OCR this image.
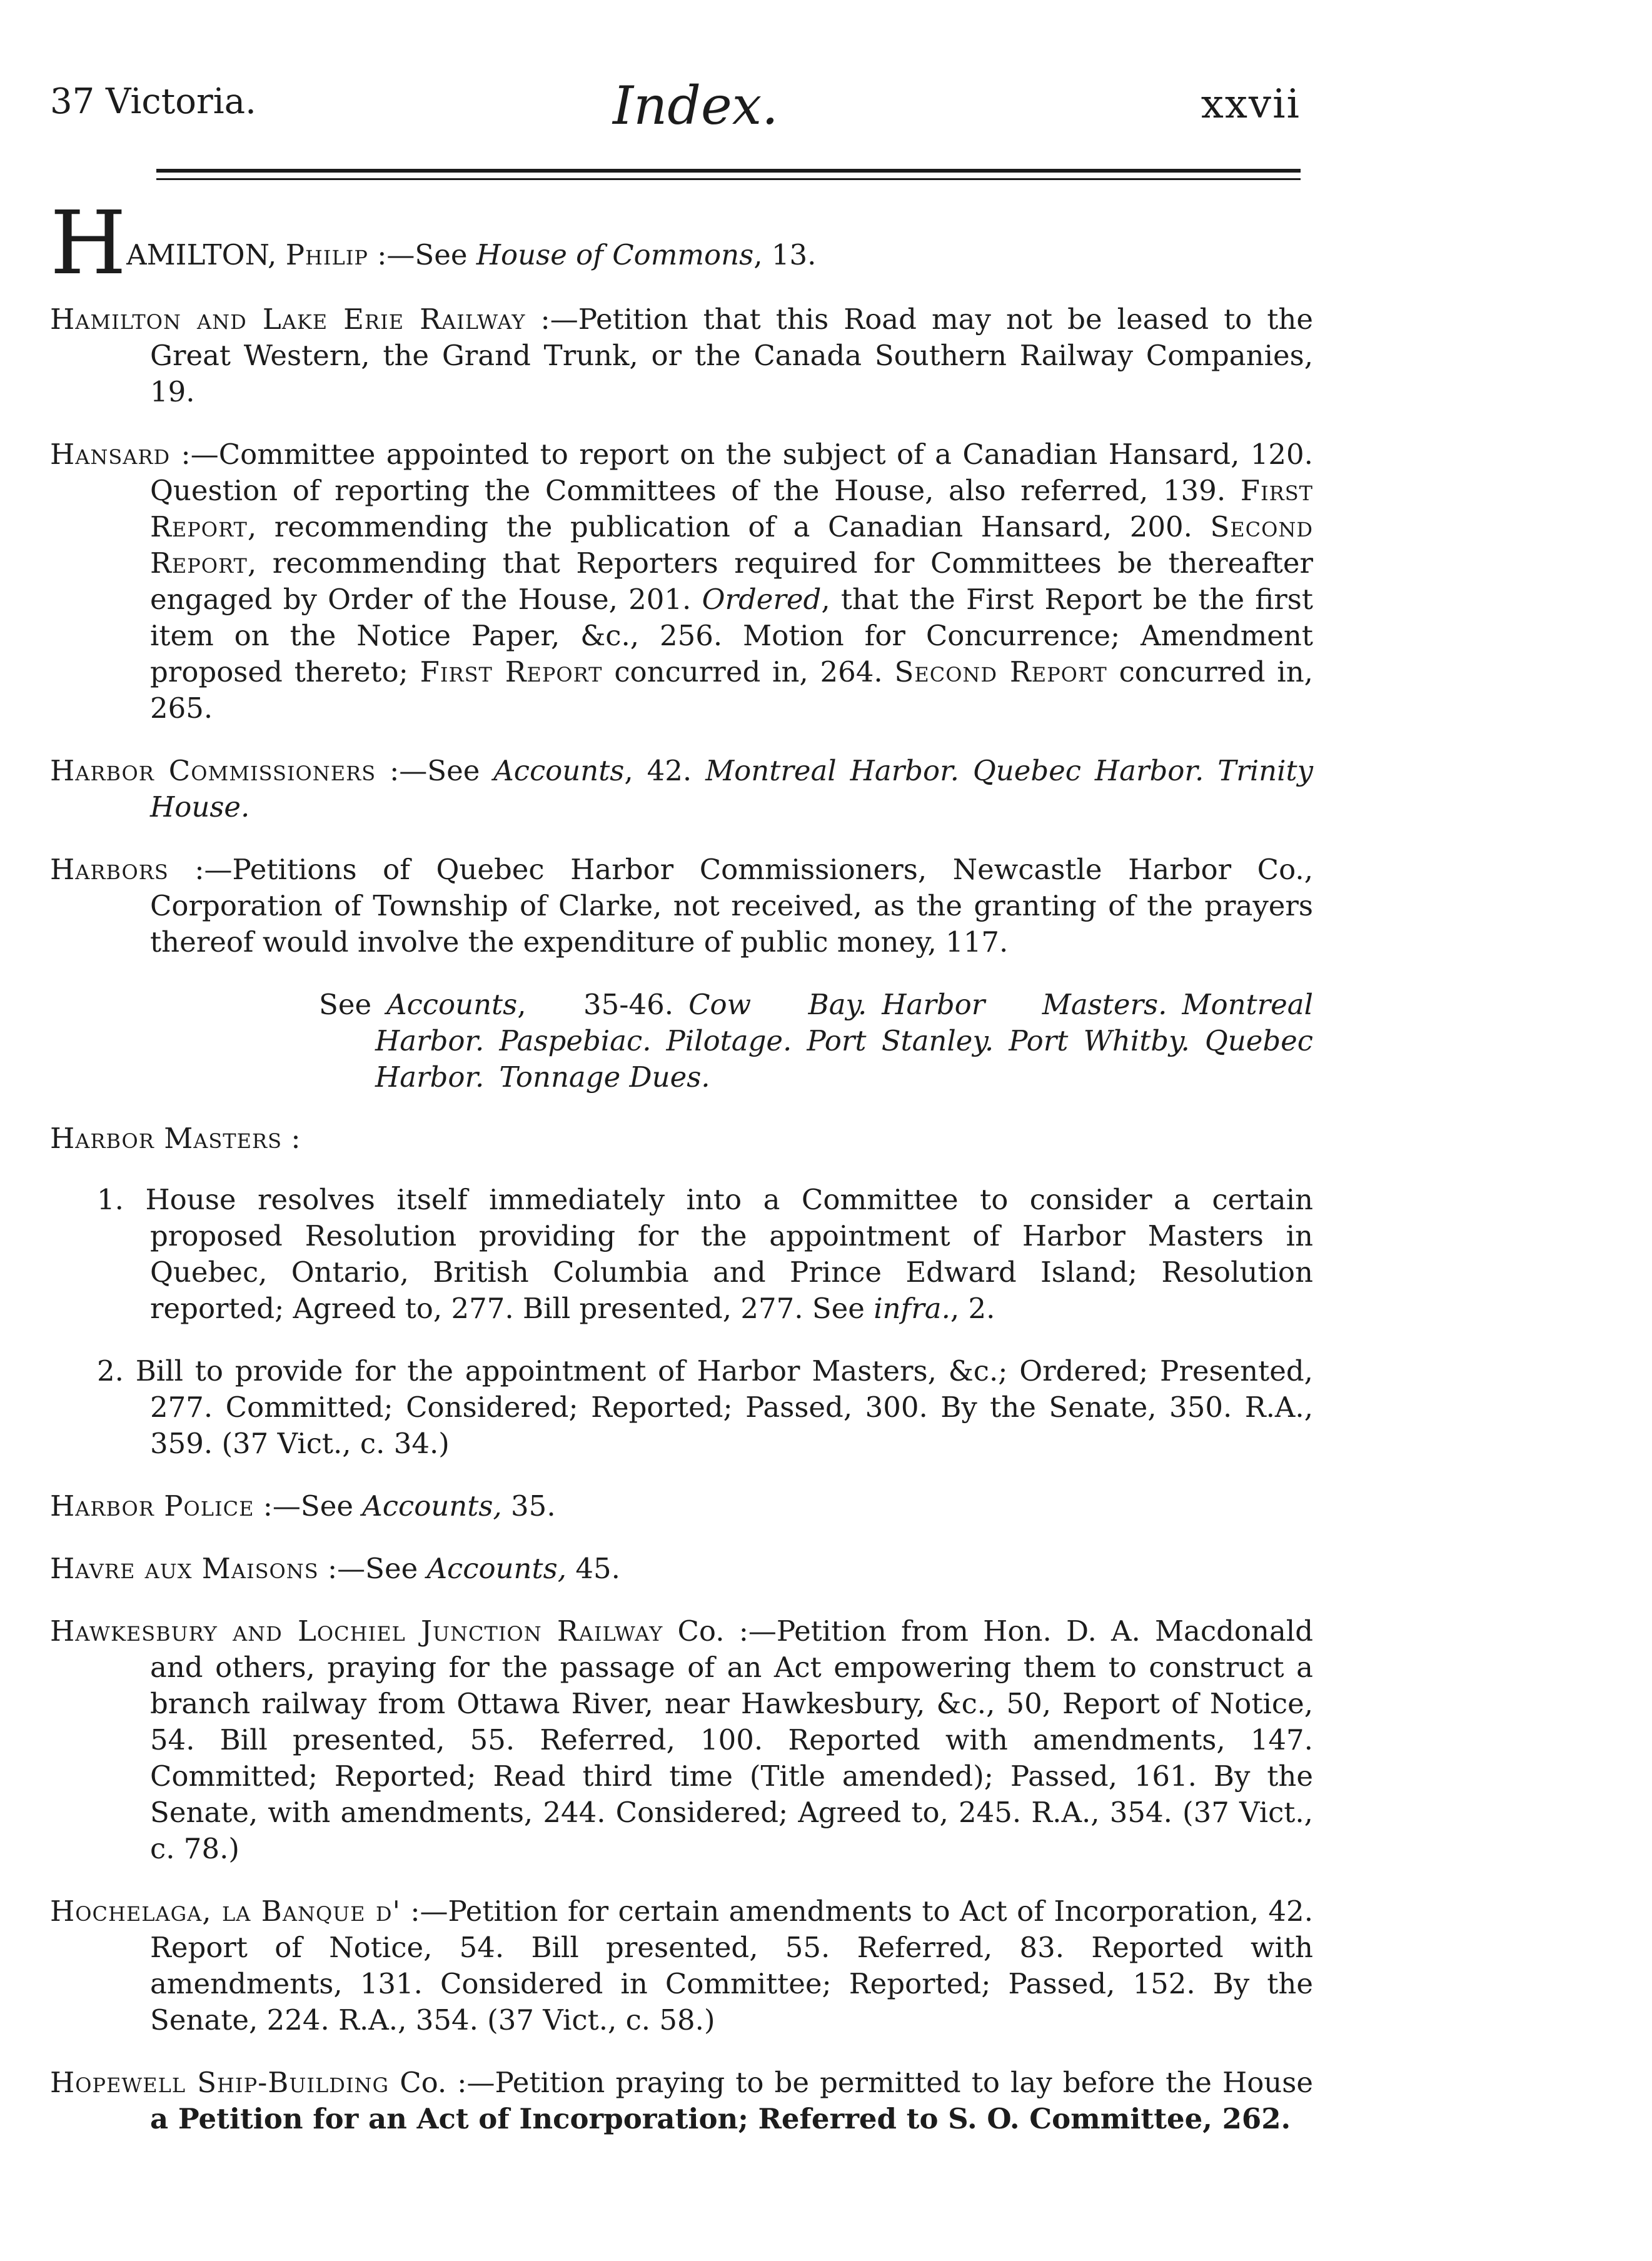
37 Victoria.	Index.	xxvii

HAMILTON, Philip :—See House of Commons, 13.

Hamilton and Lake Erie Railway :—Petition that this Road may not be leased to the Great Western, the Grand Trunk, or the Canada Southern Railway Companies, 19.

Hansard :—Committee appointed to report on the subject of a Canadian Hansard, 120. Question of reporting the Committees of the House, also referred, 139. First Report, recommending the publication of a Canadian Hansard, 200. Second Report, recommending that Reporters required for Committees be thereafter engaged by Order of the House, 201. Ordered, that the First Report be the first item on the Notice Paper, &c., 256. Motion for Concurrence; Amendment proposed thereto; First Report concurred in, 264. Second Report concurred in, 265.

Harbor Commissioners :—See Accounts, 42. Montreal Harbor. Quebec Harbor. Trinity House.

Harbors :—Petitions of Quebec Harbor Commissioners, Newcastle Harbor Co., Corporation of Township of Clarke, not received, as the granting of the prayers thereof would involve the expenditure of public money, 117.

See Accounts, 35-46. Cow Bay. Harbor Masters. Montreal Harbor. Paspebiac. Pilotage. Port Stanley. Port Whitby. Quebec Harbor. Tonnage Dues.

Harbor Masters :

1. House resolves itself immediately into a Committee to consider a certain proposed Resolution providing for the appointment of Harbor Masters in Quebec, Ontario, British Columbia and Prince Edward Island; Resolution reported; Agreed to, 277. Bill presented, 277. See infra., 2.

2. Bill to provide for the appointment of Harbor Masters, &c.; Ordered; Presented, 277. Committed; Considered; Reported; Passed, 300. By the Senate, 350. R.A., 359. (37 Vict., c. 34.)

Harbor Police :—See Accounts, 35.

Havre aux Maisons :—See Accounts, 45.

Hawkesbury and Lochiel Junction Railway Co. :—Petition from Hon. D. A. Macdonald and others, praying for the passage of an Act empowering them to construct a branch railway from Ottawa River, near Hawkesbury, &c., 50, Report of Notice, 54. Bill presented, 55. Referred, 100. Reported with amendments, 147. Committed; Reported; Read third time (Title amended); Passed, 161. By the Senate, with amendments, 244. Considered; Agreed to, 245. R.A., 354. (37 Vict., c. 78.)

Hochelaga, la Banque d' :—Petition for certain amendments to Act of Incorporation, 42. Report of Notice, 54. Bill presented, 55. Referred, 83. Reported with amendments, 131. Considered in Committee; Reported; Passed, 152. By the Senate, 224. R.A., 354. (37 Vict., c. 58.)

Hopewell Ship-Building Co. :—Petition praying to be permitted to lay before the House a Petition for an Act of Incorporation; Referred to S. O. Committee, 262.
